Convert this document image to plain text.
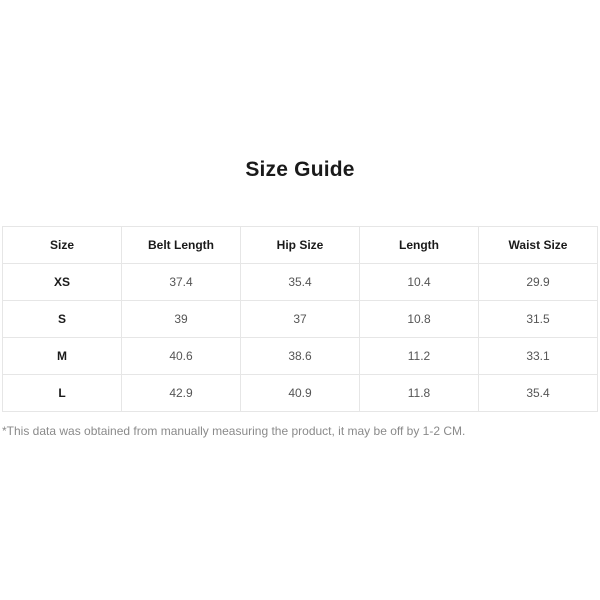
Size Guide
Size	Belt Length	Hip Size	Length	Waist Size
XS	37.4	35.4	10.4	29.9
S	39	37	10.8	31.5
M	40.6	38.6	11.2	33.1
L	42.9	40.9	11.8	35.4
*This data was obtained from manually measuring the product, it may be off by 1-2 CM.
